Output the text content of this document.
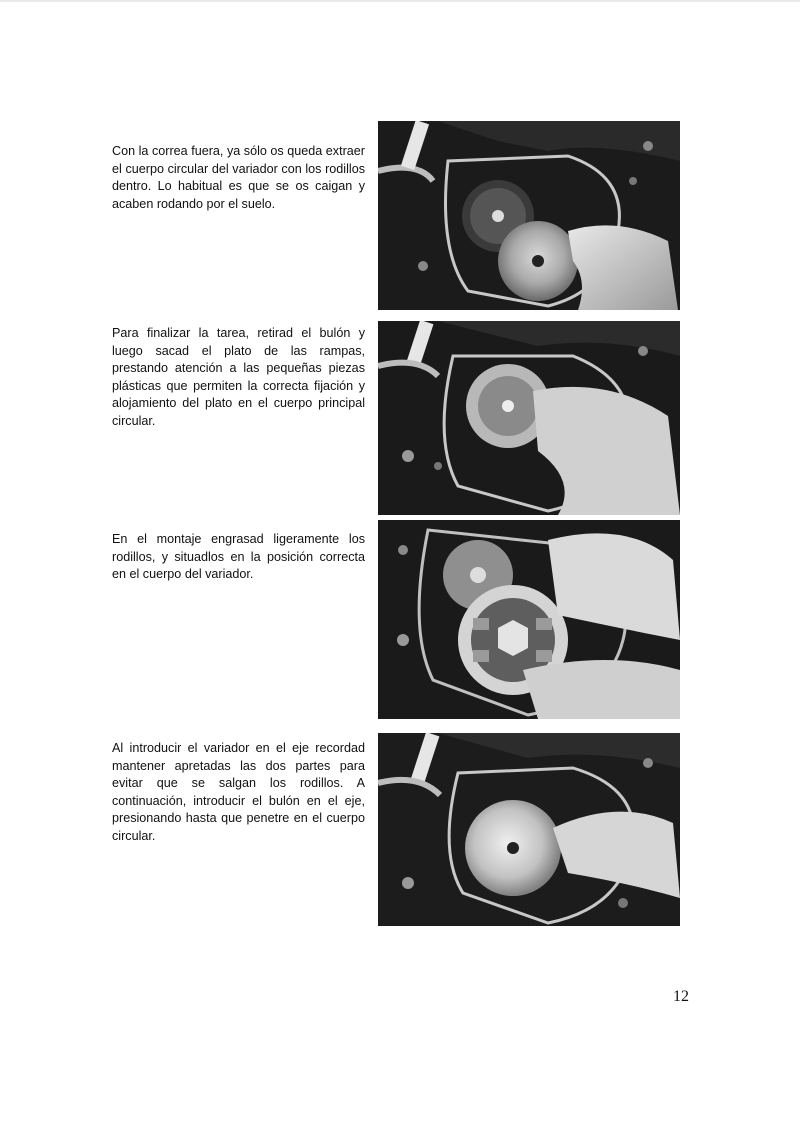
Con la correa fuera, ya sólo os queda extraer el cuerpo circular del variador con los rodillos dentro. Lo habitual es que se os caigan y acaben rodando por el suelo.

Para finalizar la tarea, retirad el bulón y luego sacad el plato de las rampas, prestando atención a las pequeñas piezas plásticas que permiten la correcta fijación y alojamiento del plato en el cuerpo principal circular.

En el montaje engrasad ligeramente los rodillos, y situadlos en la posición correcta en el cuerpo del variador.

Al introducir el variador en el eje recordad mantener apretadas las dos partes para evitar que se salgan los rodillos. A continuación, introducir el bulón en el eje, presionando hasta que penetre en el cuerpo circular.

12
